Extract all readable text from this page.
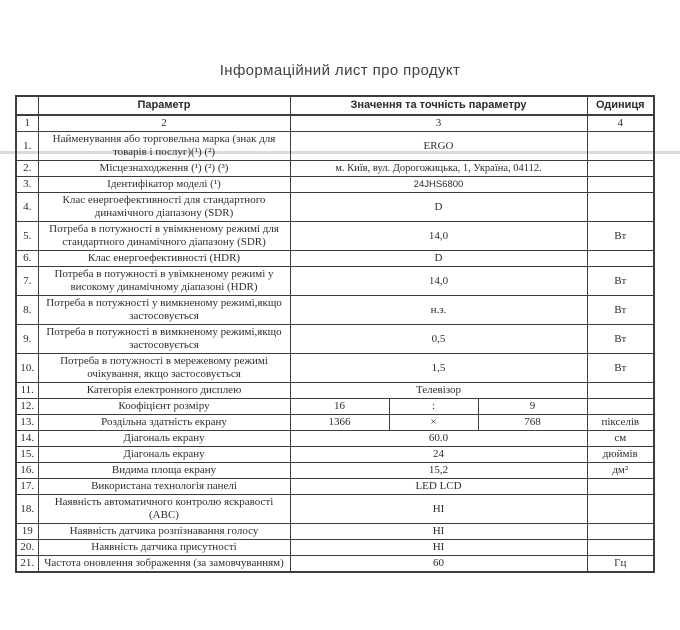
Інформаційний лист про продукт
	Параметр	Значення та точність параметру			Одиниця
1	2	3			4
1.	Найменування або торговельна марка (знак для товарів і послуг)(¹) (²)	ERGO			
2.	Місцезнаходження (¹) (²) (³)	м. Київ, вул. Дорогожицька, 1, Україна, 04112.			
3.	Ідентифікатор моделі (¹)	24JHS6800			
4.	Клас енергоефективності для стандартного динамічного діапазону (SDR)	D			
5.	Потреба в потужності в увімкненому режимі для стандартного динамічного діапазону (SDR)	14,0			Вт
6.	Клас енергоефективності (HDR)	D			
7.	Потреба в потужності в увімкненому режимі у високому динамічному діапазоні (HDR)	14,0			Вт
8.	Потреба в потужності у вимкненому режимі,якщо застосовується	н.з.			Вт
9.	Потреба в потужності в вимкненому режимі,якщо застосовується	0,5			Вт
10.	Потреба в потужності в мережевому режимі очікування, якщо застосовується	1,5			Вт
11.	Категорія електронного дисплею	Телевізор			
12.	Коофіцієнт розміру	16	:	9	
13.	Роздільна здатність екрану	1366	×	768	пікселів
14.	Діагональ екрану	60.0			см
15.	Діагональ екрану	24			дюймів
16.	Видима площа екрану	15,2			дм²
17.	Використана технологія панелі	LED LCD			
18.	Наявність автоматичного контролю яскравості (АВС)	НІ			
19	Наявність датчика розпізнавання голосу	НІ			
20.	Наявність датчика присутності	НІ			
21.	Частота оновлення зображення (за замовчуванням)	60			Гц
